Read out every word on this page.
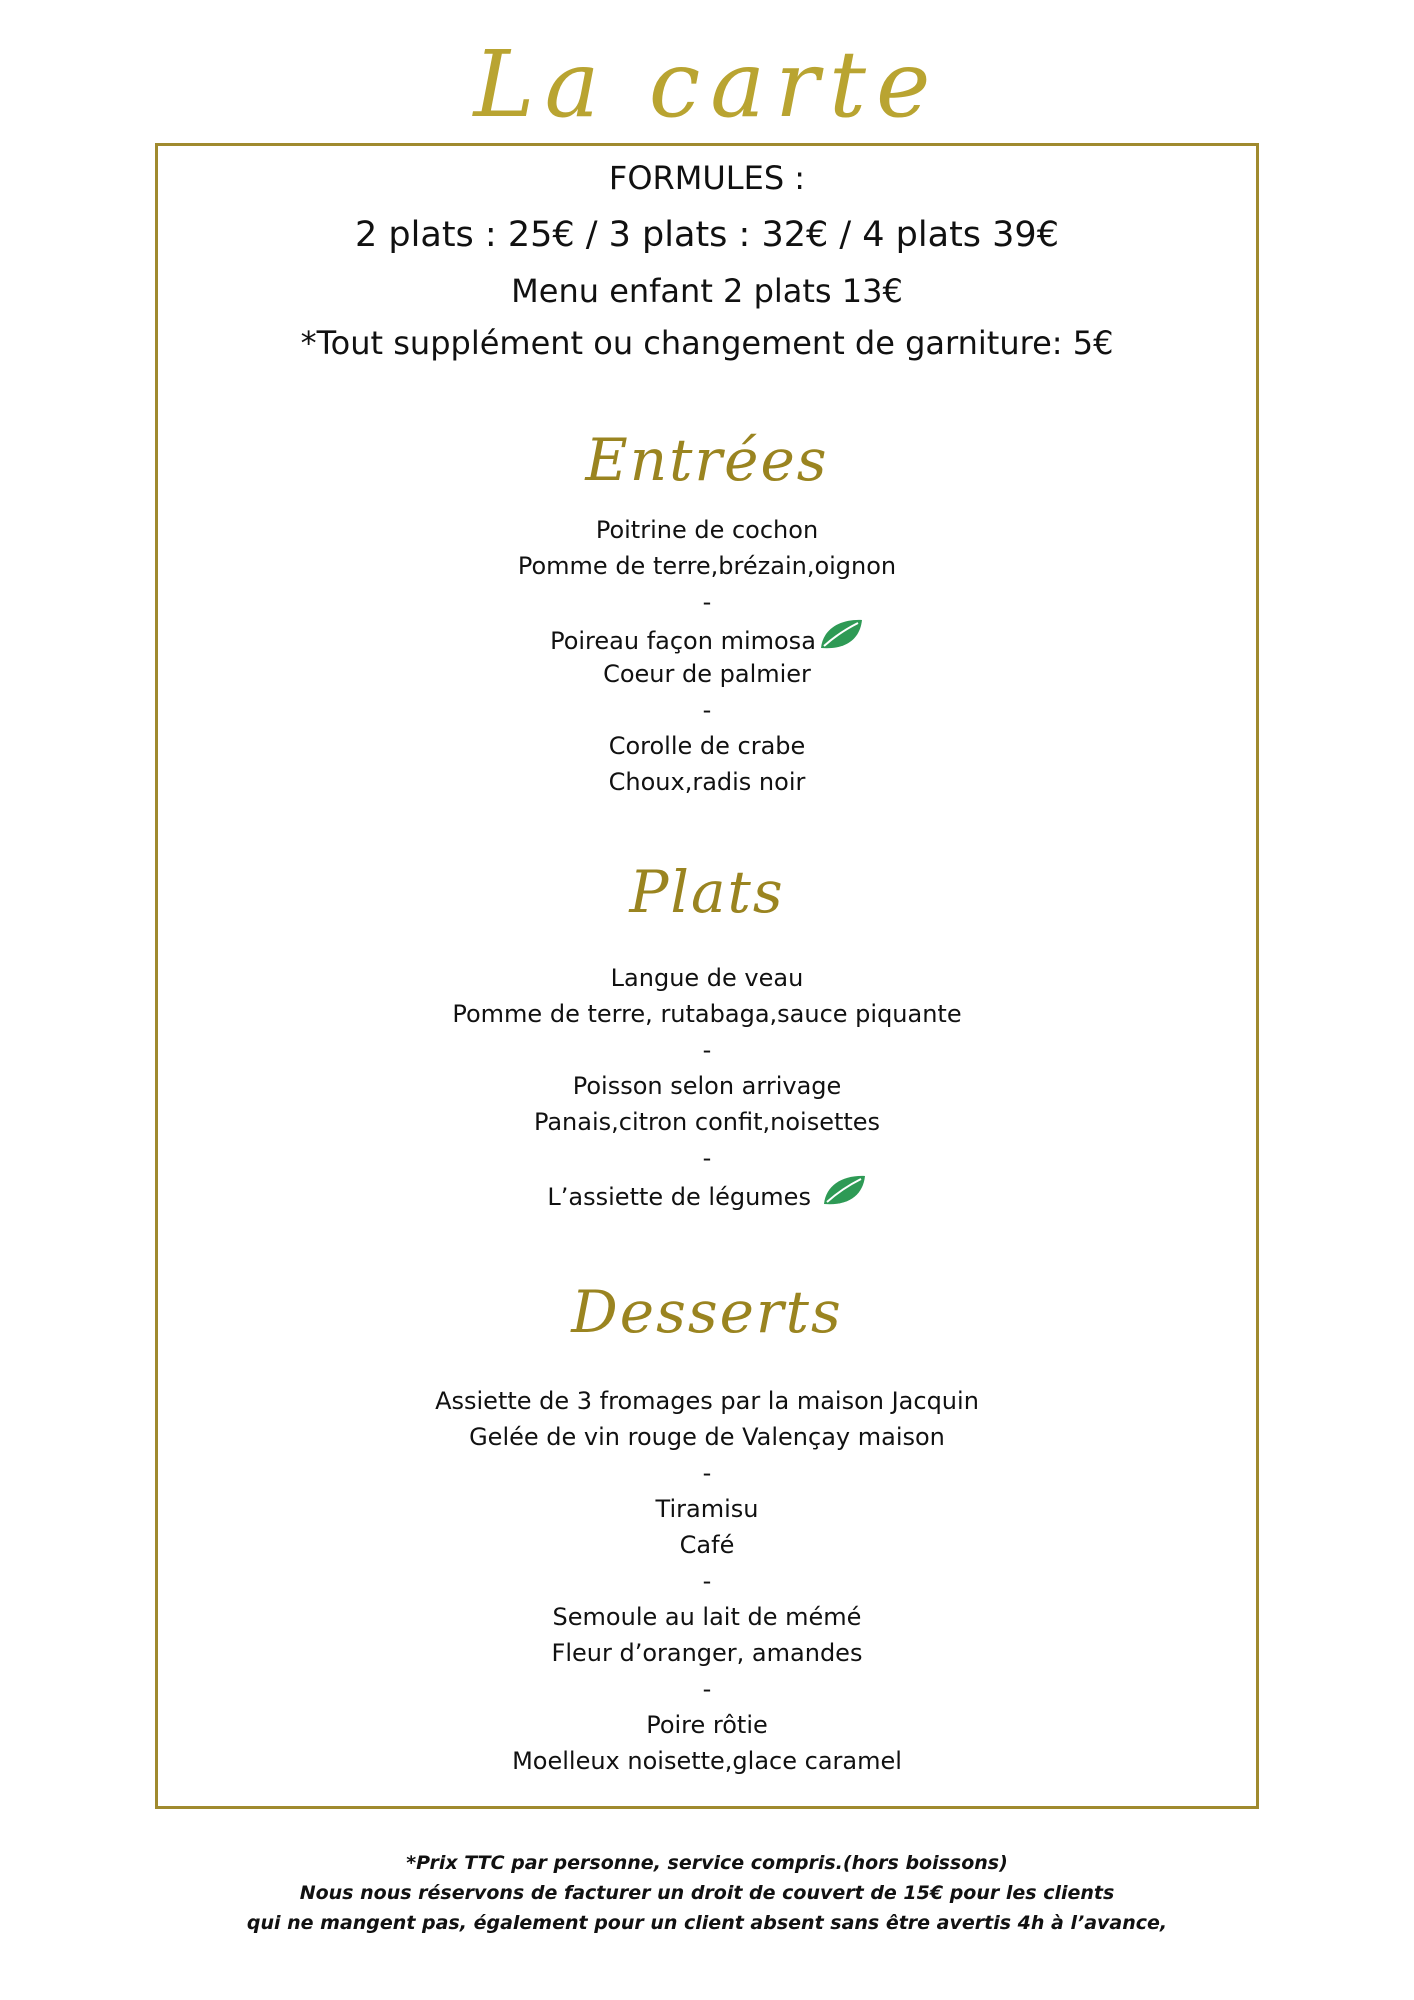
La carte
FORMULES :
2 plats : 25€ / 3 plats : 32€ / 4 plats 39€
Menu enfant 2 plats 13€
*Tout supplément ou changement de garniture: 5€
Entrées
Poitrine de cochon
Pomme de terre,brézain,oignon
-
Poireau façon mimosa
Coeur de palmier
-
Corolle de crabe
Choux,radis noir
Plats
Langue de veau
Pomme de terre, rutabaga,sauce piquante
-
Poisson selon arrivage
Panais,citron confit,noisettes
-
L’assiette de légumes
Desserts
Assiette de 3 fromages par la maison Jacquin
Gelée de vin rouge de Valençay maison
-
Tiramisu
Café
-
Semoule au lait de mémé
Fleur d’oranger, amandes
-
Poire rôtie
Moelleux noisette,glace caramel
*Prix TTC par personne, service compris.(hors boissons)
Nous nous réservons de facturer un droit de couvert de 15€ pour les clients
qui ne mangent pas, également pour un client absent sans être avertis 4h à l’avance,
